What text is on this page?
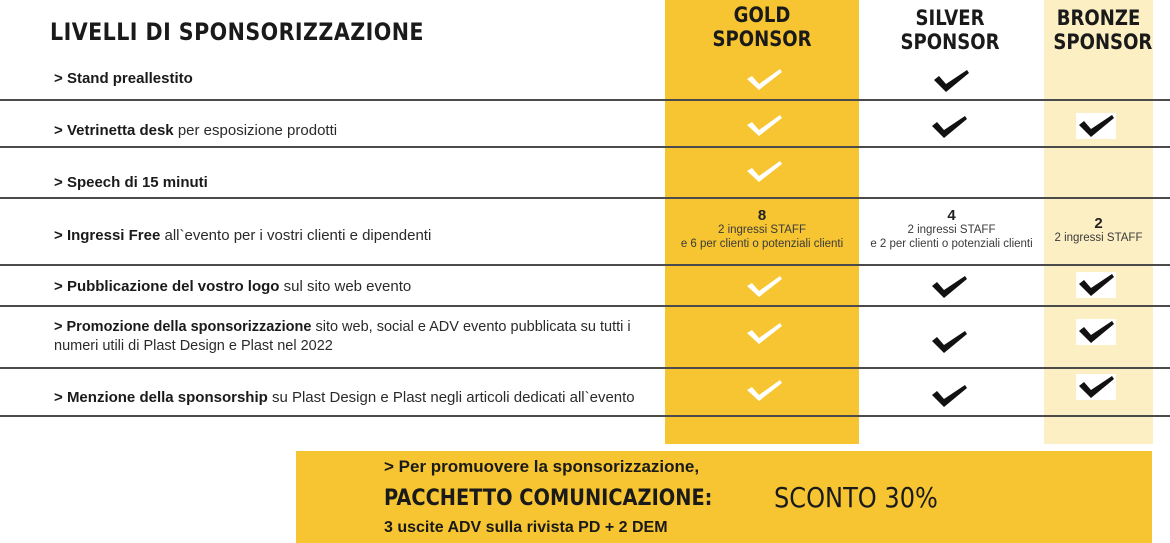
LIVELLI DI SPONSORIZZAZIONE
GOLD
SPONSOR
SILVER
SPONSOR
BRONZE
SPONSOR
> Stand preallestito
> Vetrinetta desk per esposizione prodotti
> Speech di 15 minuti
> Ingressi Free all`evento per i vostri clienti e dipendenti
> Pubblicazione del vostro logo sul sito web evento
> Promozione della sponsorizzazione sito web, social e ADV evento pubblicata su tutti i numeri utili di Plast Design e Plast nel 2022
> Menzione della sponsorship su Plast Design e Plast negli articoli dedicati all`evento
8
2 ingressi STAFF
e 6 per clienti o potenziali clienti
4
2 ingressi STAFF
e 2 per clienti o potenziali clienti
2
2 ingressi STAFF
> Per promuovere la sponsorizzazione,
PACCHETTO COMUNICAZIONE:
3 uscite ADV sulla rivista PD + 2 DEM
SCONTO 30%
